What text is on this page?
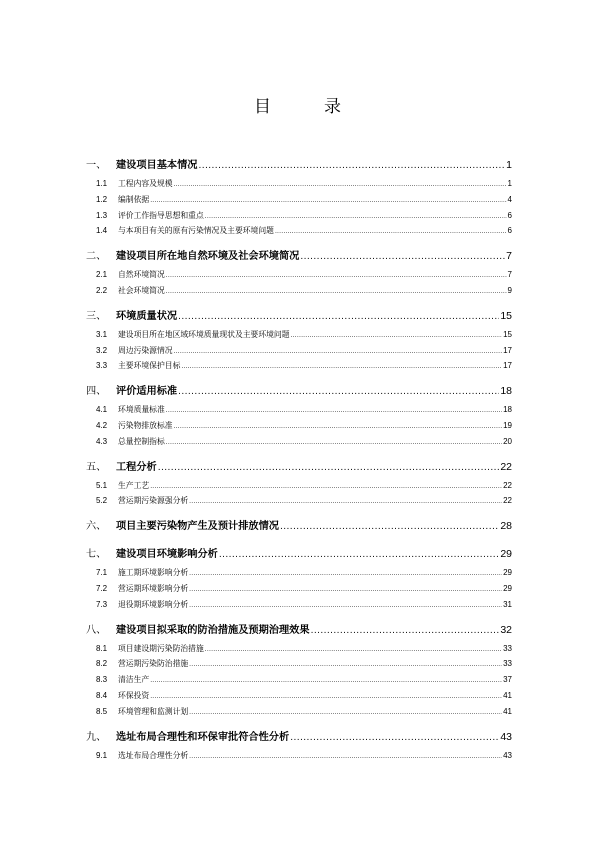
目　录
一、 建设项目基本情况 .....	1
1.1	工程内容及规模 .....	1
1.2	编制依据 .....	4
1.3	评价工作指导思想和重点 .....	6
1.4	与本项目有关的原有污染情况及主要环境问题 .....	6
二、 建设项目所在地自然环境及社会环境简况 .....	7
2.1	自然环境简况 .....	7
2.2	社会环境简况 .....	9
三、 环境质量状况 .....	15
3.1	建设项目所在地区域环境质量现状及主要环境问题 .....	15
3.2	周边污染源情况 .....	17
3.3	主要环境保护目标 .....	17
四、 评价适用标准 .....	18
4.1	环境质量标准 .....	18
4.2	污染物排放标准 .....	19
4.3	总量控制指标 .....	20
五、 工程分析 .....	22
5.1	生产工艺 .....	22
5.2	营运期污染源强分析 .....	22
六、 项目主要污染物产生及预计排放情况 .....	28
七、 建设项目环境影响分析 .....	29
7.1	施工期环境影响分析 .....	29
7.2	营运期环境影响分析 .....	29
7.3	退役期环境影响分析 .....	31
八、 建设项目拟采取的防治措施及预期治理效果 .....	32
8.1	项目建设期污染防治措施 .....	33
8.2	营运期污染防治措施 .....	33
8.3	清洁生产 .....	37
8.4	环保投资 .....	41
8.5	环境管理和监测计划 .....	41
九、 选址布局合理性和环保审批符合性分析 .....	43
9.1	选址布局合理性分析 .....	43
